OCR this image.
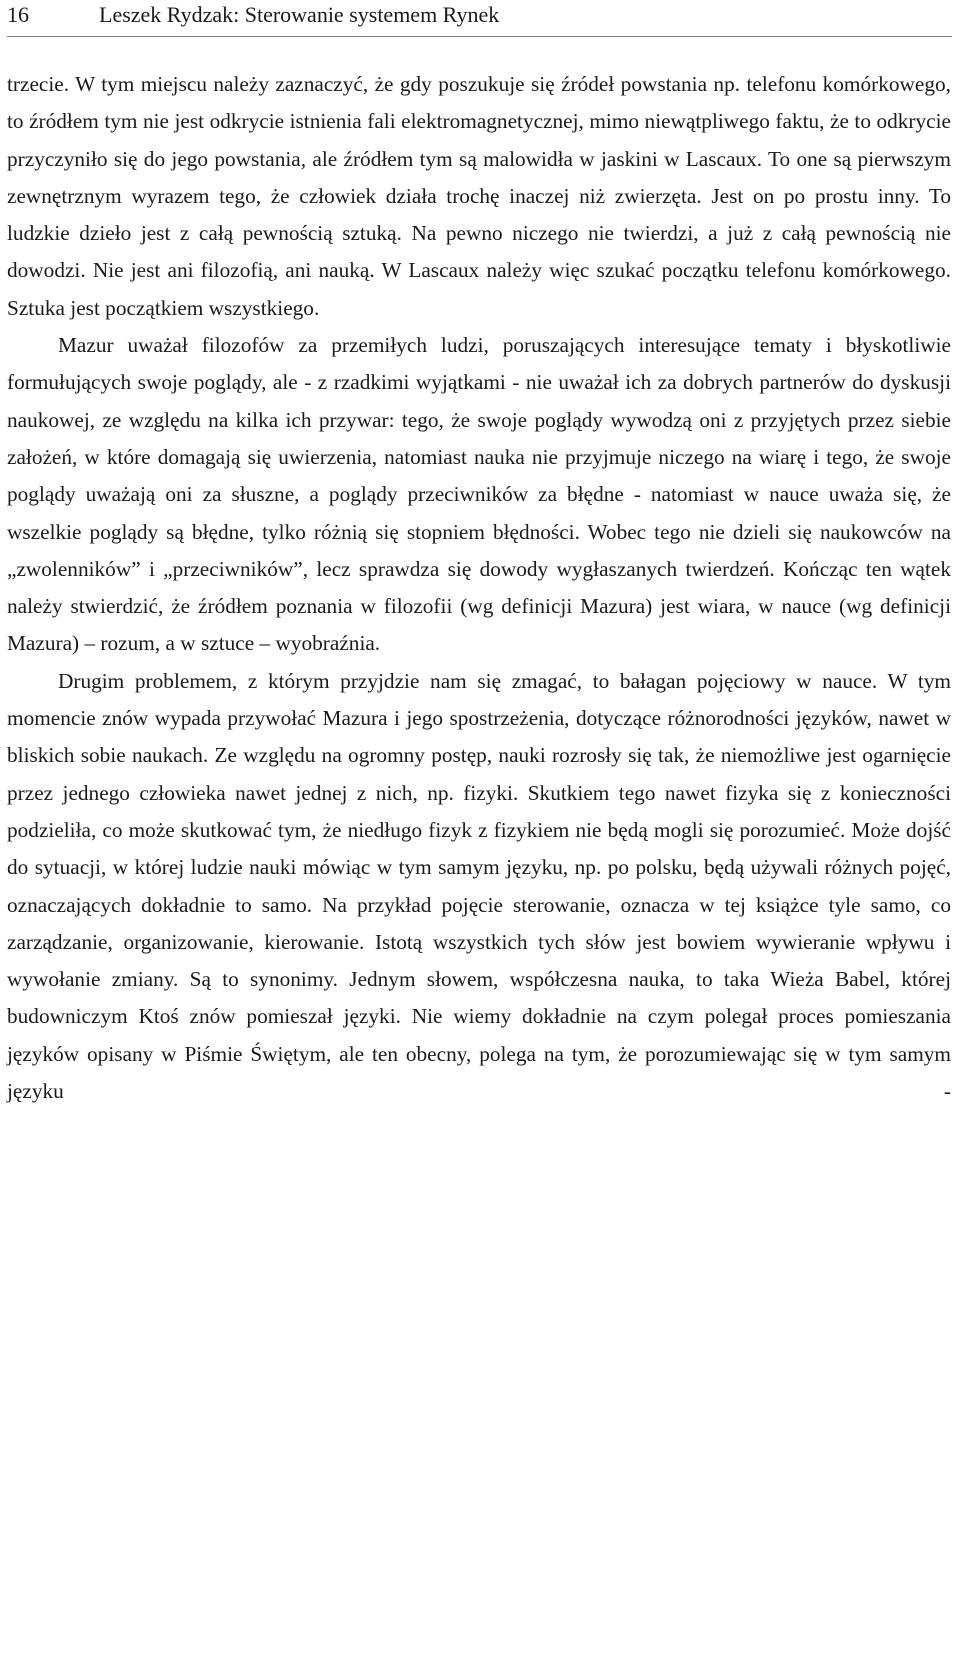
16	Leszek Rydzak: Sterowanie systemem Rynek

trzecie. W tym miejscu należy zaznaczyć, że gdy poszukuje się źródeł powstania np. telefonu komórkowego, to źródłem tym nie jest odkrycie istnienia fali elektromagnetycznej, mimo niewątpliwego faktu, że to odkrycie przyczyniło się do jego powstania, ale źródłem tym są malowidła w jaskini w Lascaux. To one są pierwszym zewnętrznym wyrazem tego, że człowiek działa trochę inaczej niż zwierzęta. Jest on po prostu inny. To ludzkie dzieło jest z całą pewnością sztuką. Na pewno niczego nie twierdzi, a już z całą pewnością nie dowodzi. Nie jest ani filozofią, ani nauką. W Lascaux należy więc szukać początku telefonu komórkowego. Sztuka jest początkiem wszystkiego.

Mazur uważał filozofów za przemiłych ludzi, poruszających interesujące tematy i błyskotliwie formułujących swoje poglądy, ale - z rzadkimi wyjątkami - nie uważał ich za dobrych partnerów do dyskusji naukowej, ze względu na kilka ich przywar: tego, że swoje poglądy wywodzą oni z przyjętych przez siebie założeń, w które domagają się uwierzenia, natomiast nauka nie przyjmuje niczego na wiarę i tego, że swoje poglądy uważają oni za słuszne, a poglądy przeciwników za błędne - natomiast w nauce uważa się, że wszelkie poglądy są błędne, tylko różnią się stopniem błędności. Wobec tego nie dzieli się naukowców na „zwolenników” i „przeciwników”, lecz sprawdza się dowody wygłaszanych twierdzeń. Kończąc ten wątek należy stwierdzić, że źródłem poznania w filozofii (wg definicji Mazura) jest wiara, w nauce (wg definicji Mazura) – rozum, a w sztuce – wyobraźnia.

Drugim problemem, z którym przyjdzie nam się zmagać, to bałagan pojęciowy w nauce. W tym momencie znów wypada przywołać Mazura i jego spostrzeżenia, dotyczące różnorodności języków, nawet w bliskich sobie naukach. Ze względu na ogromny postęp, nauki rozrosły się tak, że niemożliwe jest ogarnięcie przez jednego człowieka nawet jednej z nich, np. fizyki. Skutkiem tego nawet fizyka się z konieczności podzieliła, co może skutkować tym, że niedługo fizyk z fizykiem nie będą mogli się porozumieć. Może dojść do sytuacji, w której ludzie nauki mówiąc w tym samym języku, np. po polsku, będą używali różnych pojęć, oznaczających dokładnie to samo. Na przykład pojęcie sterowanie, oznacza w tej książce tyle samo, co zarządzanie, organizowanie, kierowanie. Istotą wszystkich tych słów jest bowiem wywieranie wpływu i wywołanie zmiany. Są to synonimy. Jednym słowem, współczesna nauka, to taka Wieża Babel, której budowniczym Ktoś znów pomieszał języki. Nie wiemy dokładnie na czym polegał proces pomieszania języków opisany w Piśmie Świętym, ale ten obecny, polega na tym, że porozumiewając się w tym samym języku -
